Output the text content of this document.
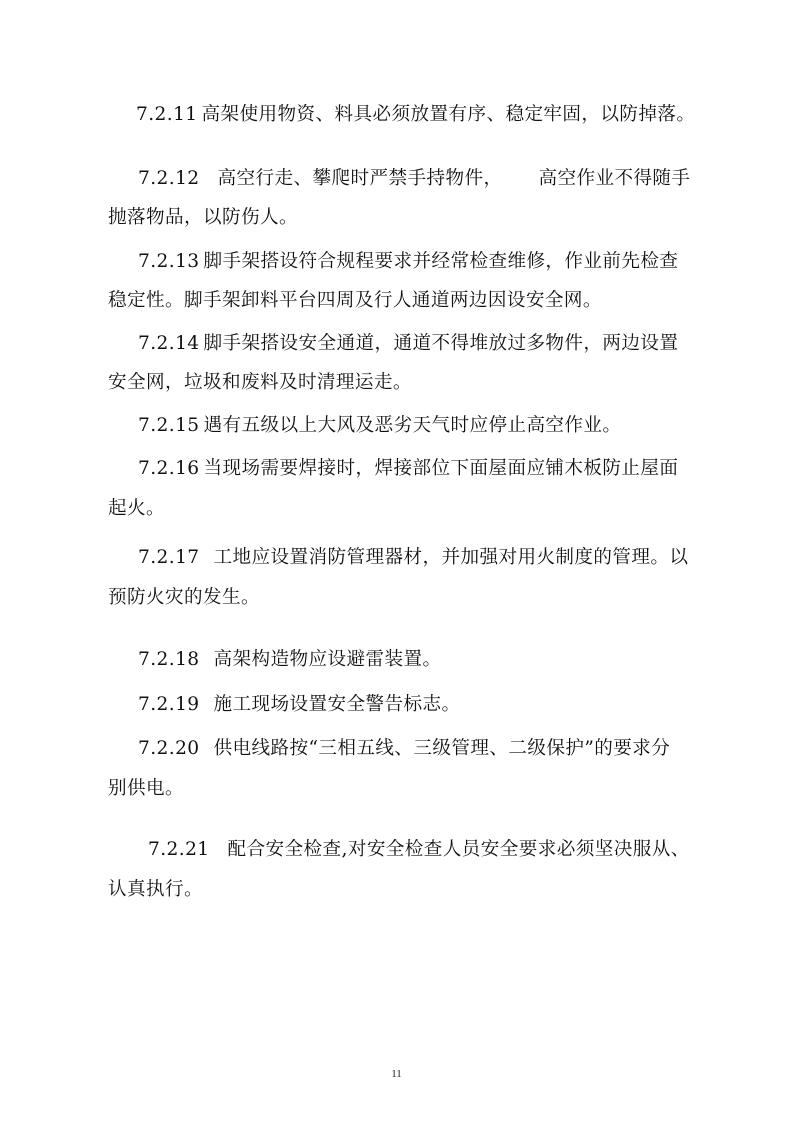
7.2.11 高架使用物资、料具必须放置有序、稳定牢固，以防掉落。
7.2.12 高空行走、攀爬时严禁手持物件， 高空作业不得随手
抛落物品，以防伤人。
7.2.13 脚手架搭设符合规程要求并经常检查维修，作业前先检查
稳定性。脚手架卸料平台四周及行人通道两边因设安全网。
7.2.14 脚手架搭设安全通道，通道不得堆放过多物件，两边设置
安全网，垃圾和废料及时清理运走。
7.2.15 遇有五级以上大风及恶劣天气时应停止高空作业。
7.2.16 当现场需要焊接时，焊接部位下面屋面应铺木板防止屋面
起火。
7.2.17 工地应设置消防管理器材，并加强对用火制度的管理。以
预防火灾的发生。
7.2.18 高架构造物应设避雷装置。
7.2.19 施工现场设置安全警告标志。
7.2.20 供电线路按“三相五线、三级管理、二级保护”的要求分
别供电。
7.2.21 配合安全检查,对安全检查人员安全要求必须坚决服从、
认真执行。
11
